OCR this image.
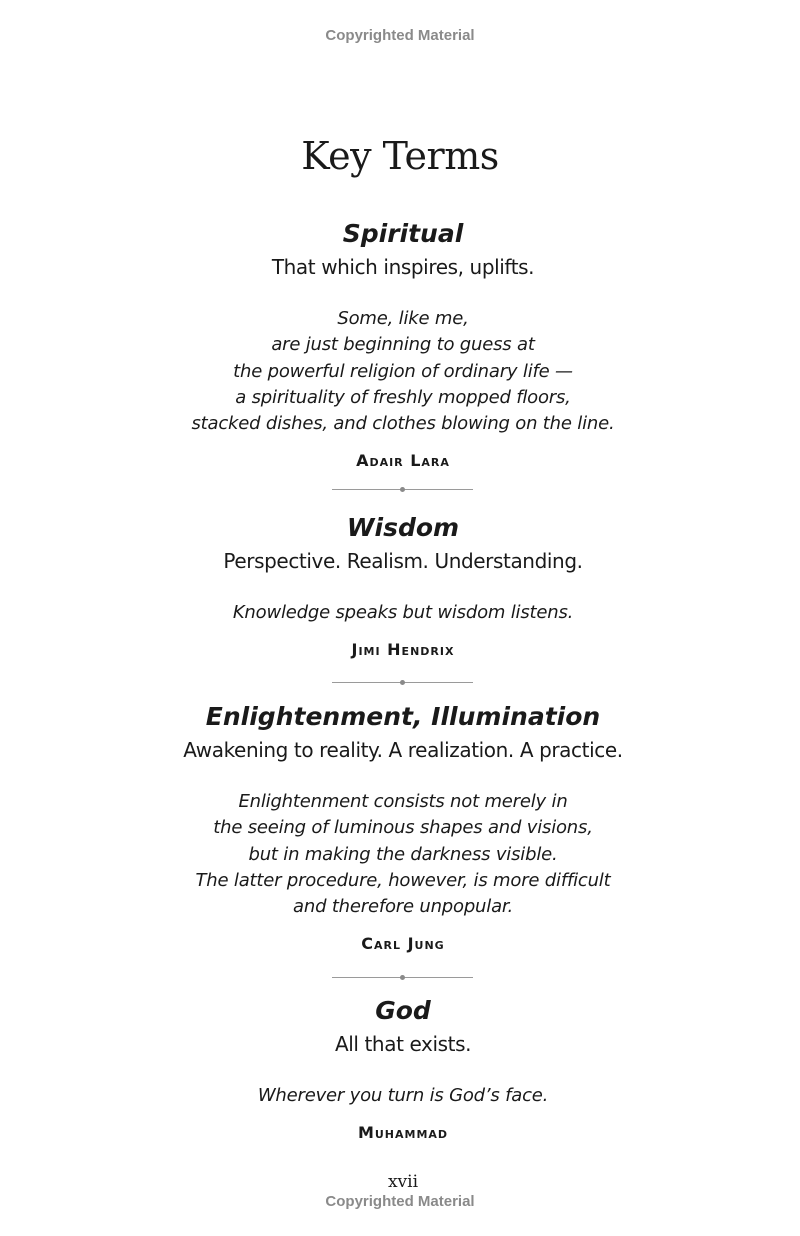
Copyrighted Material
Key Terms
Spiritual
That which inspires, uplifts.
Some, like me,
are just beginning to guess at
the powerful religion of ordinary life —
a spirituality of freshly mopped floors,
stacked dishes, and clothes blowing on the line.
Adair Lara
Wisdom
Perspective. Realism. Understanding.
Knowledge speaks but wisdom listens.
Jimi Hendrix
Enlightenment, Illumination
Awakening to reality. A realization. A practice.
Enlightenment consists not merely in
the seeing of luminous shapes and visions,
but in making the darkness visible.
The latter procedure, however, is more difficult
and therefore unpopular.
Carl Jung
God
All that exists.
Wherever you turn is God’s face.
Muhammad
xvii
Copyrighted Material
